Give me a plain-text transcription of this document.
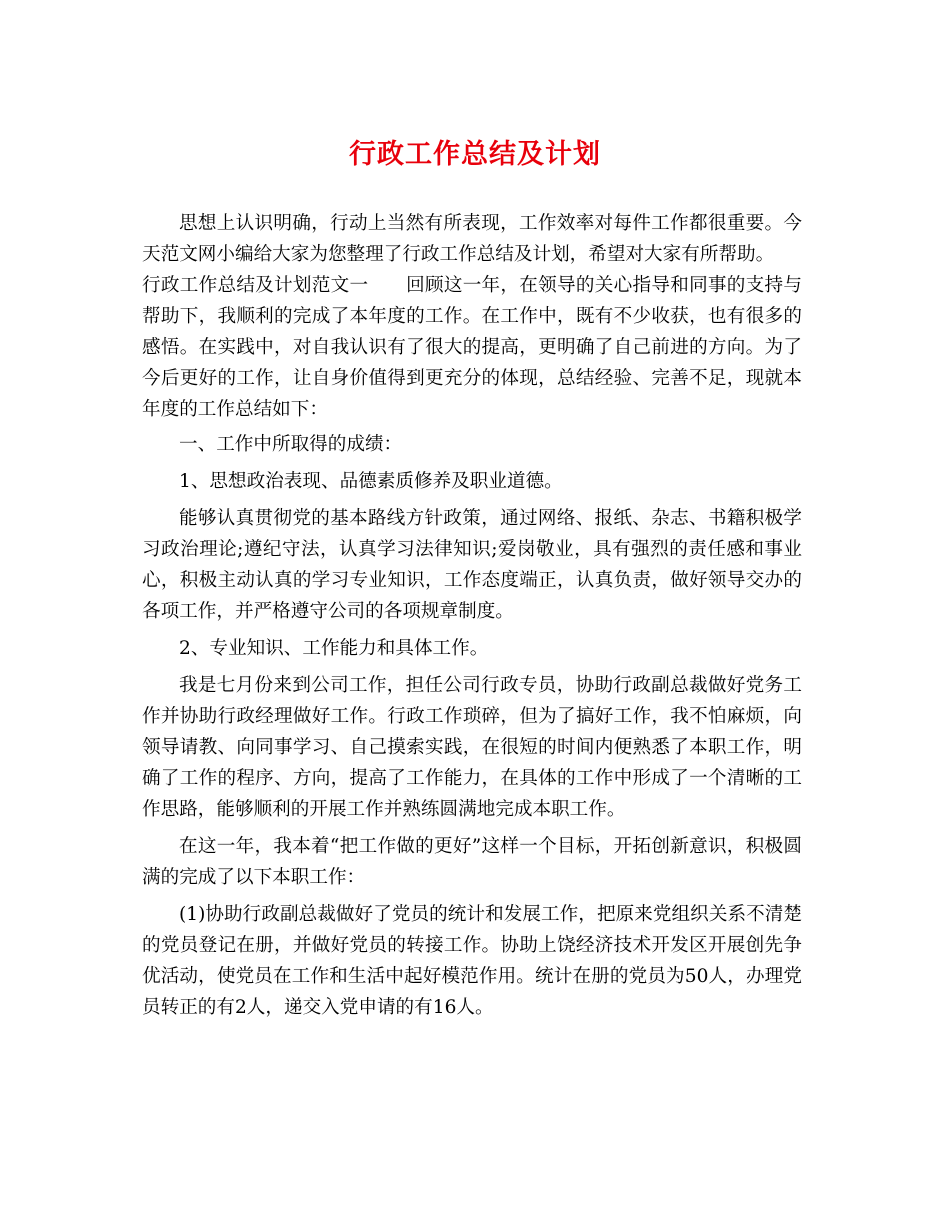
行政工作总结及计划

思想上认识明确，行动上当然有所表现，工作效率对每件工作都很重要。今天范文网小编给大家为您整理了行政工作总结及计划，希望对大家有所帮助。

行政工作总结及计划范文一　　回顾这一年，在领导的关心指导和同事的支持与帮助下，我顺利的完成了本年度的工作。在工作中，既有不少收获，也有很多的感悟。在实践中，对自我认识有了很大的提高，更明确了自己前进的方向。为了今后更好的工作，让自身价值得到更充分的体现，总结经验、完善不足，现就本年度的工作总结如下：

一、工作中所取得的成绩：

1、思想政治表现、品德素质修养及职业道德。

能够认真贯彻党的基本路线方针政策，通过网络、报纸、杂志、书籍积极学习政治理论;遵纪守法，认真学习法律知识;爱岗敬业，具有强烈的责任感和事业心，积极主动认真的学习专业知识，工作态度端正，认真负责，做好领导交办的各项工作，并严格遵守公司的各项规章制度。

2、专业知识、工作能力和具体工作。

我是七月份来到公司工作，担任公司行政专员，协助行政副总裁做好党务工作并协助行政经理做好工作。行政工作琐碎，但为了搞好工作，我不怕麻烦，向领导请教、向同事学习、自己摸索实践，在很短的时间内便熟悉了本职工作，明确了工作的程序、方向，提高了工作能力，在具体的工作中形成了一个清晰的工作思路，能够顺利的开展工作并熟练圆满地完成本职工作。

在这一年，我本着“把工作做的更好”这样一个目标，开拓创新意识，积极圆满的完成了以下本职工作：

(1)协助行政副总裁做好了党员的统计和发展工作，把原来党组织关系不清楚的党员登记在册，并做好党员的转接工作。协助上饶经济技术开发区开展创先争优活动，使党员在工作和生活中起好模范作用。统计在册的党员为50人，办理党员转正的有2人，递交入党申请的有16人。
